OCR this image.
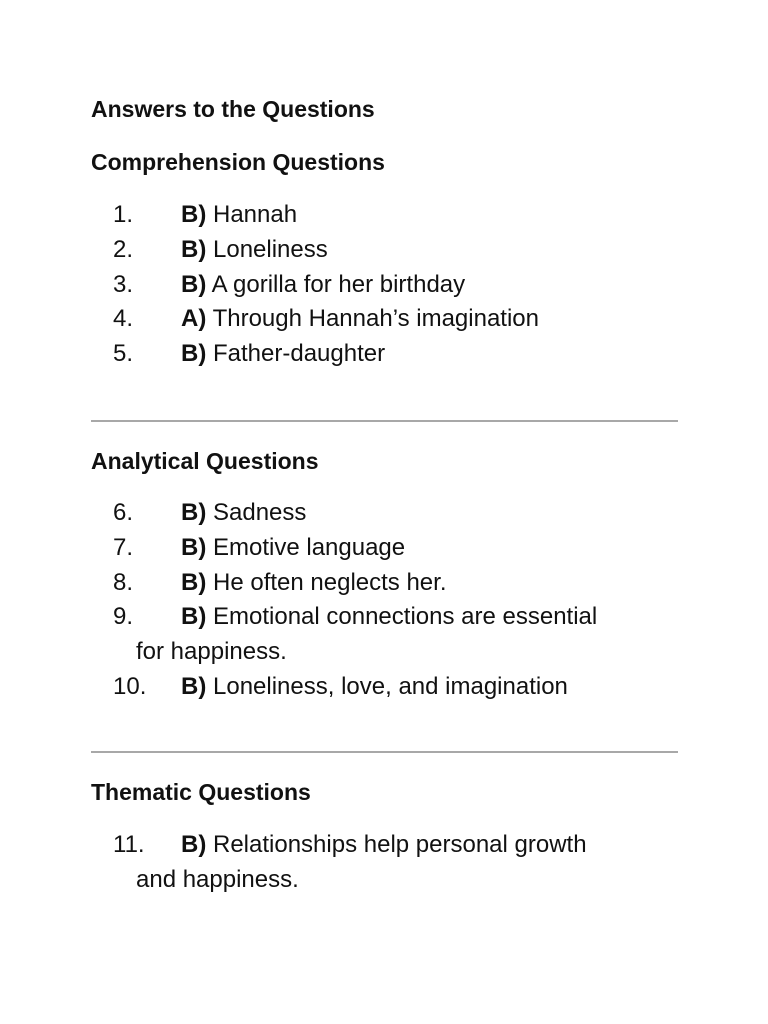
Answers to the Questions
Comprehension Questions
1. B) Hannah
2. B) Loneliness
3. B) A gorilla for her birthday
4. A) Through Hannah’s imagination
5. B) Father-daughter
Analytical Questions
6. B) Sadness
7. B) Emotive language
8. B) He often neglects her.
9. B) Emotional connections are essential
for happiness.
10. B) Loneliness, love, and imagination
Thematic Questions
11. B) Relationships help personal growth
and happiness.
